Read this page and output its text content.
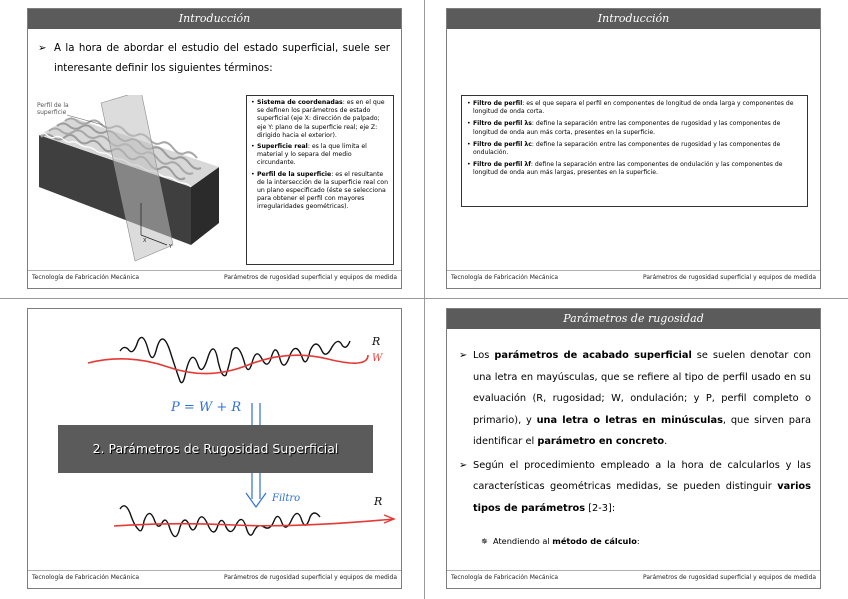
Introducción
➢ A la hora de abordar el estudio del estado superficial, suele ser interesante definir los siguientes términos:
Perfil de la
superficie
Y
X
• Sistema de coordenadas: es en el que se definen los parámetros de estado superficial (eje X: dirección de palpado; eje Y: plano de la superficie real; eje Z: dirigido hacia el exterior).
• Superficie real: es la que limita el material y lo separa del medio circundante.
• Perfil de la superficie: es el resultante de la intersección de la superficie real con un plano especificado (éste se selecciona para obtener el perfil con mayores irregularidades geométricas).
Tecnología de Fabricación Mecánica	Parámetros de rugosidad superficial y equipos de medida
Introducción
• Filtro de perfil: es el que separa el perfil en componentes de longitud de onda larga y componentes de longitud de onda corta.
• Filtro de perfil λs: define la separación entre las componentes de rugosidad y las componentes de longitud de onda aun más corta, presentes en la superficie.
• Filtro de perfil λc: define la separación entre las componentes de rugosidad y las componentes de ondulación.
• Filtro de perfil λf: define la separación entre las componentes de ondulación y las componentes de longitud de onda aun más largas, presentes en la superficie.
Tecnología de Fabricación Mecánica	Parámetros de rugosidad superficial y equipos de medida
P = W + R
Filtro
R
W
R
2. Parámetros de Rugosidad Superficial
Tecnología de Fabricación Mecánica	Parámetros de rugosidad superficial y equipos de medida
Parámetros de rugosidad
➢ Los parámetros de acabado superficial se suelen denotar con una letra en mayúsculas, que se refiere al tipo de perfil usado en su evaluación (R, rugosidad; W, ondulación; y P, perfil completo o primario), y una letra o letras en minúsculas, que sirven para identificar el parámetro en concreto.
➢ Según el procedimiento empleado a la hora de calcularlos y las características geométricas medidas, se pueden distinguir varios tipos de parámetros [2-3]:
✵ Atendiendo al método de cálculo:
Tecnología de Fabricación Mecánica	Parámetros de rugosidad superficial y equipos de medida
